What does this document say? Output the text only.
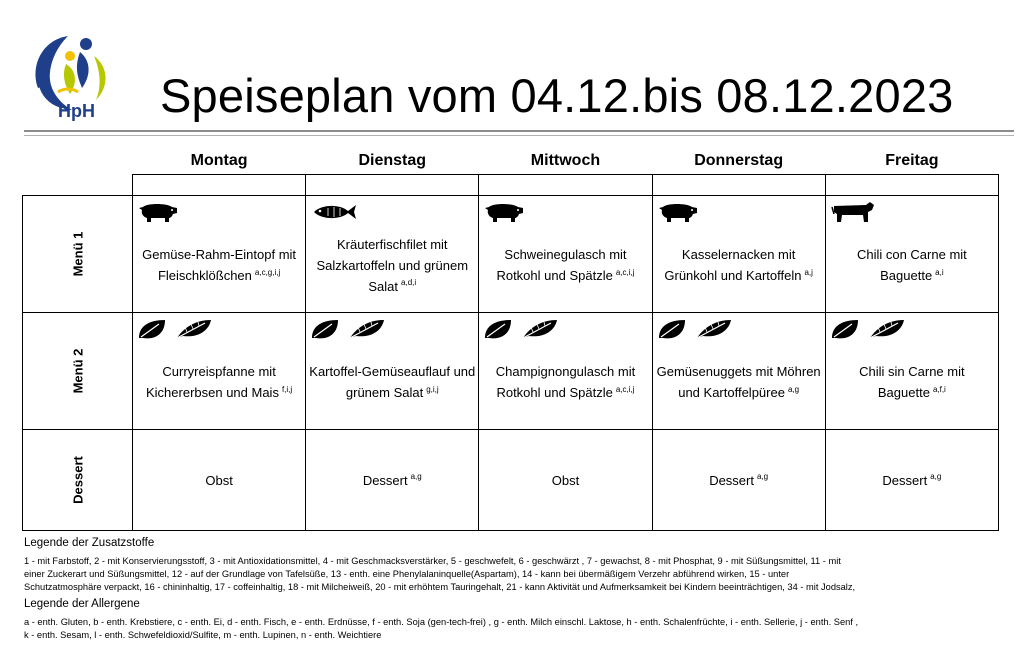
HpH Speiseplan vom 04.12.bis 08.12.2023
	Montag	Dienstag	Mittwoch	Donnerstag	Freitag

Menü 1	Gemüse-Rahm-Eintopf mit Fleischklößchen $^{a,c,g,i,j}$	Kräuterfischfilet mit Salzkartoffeln und grünem Salat $^{a,d,i}$	Schweinegulasch mit Rotkohl und Spätzle $^{a,c,i,j}$	Kasselernacken mit Grünkohl und Kartoffeln $^{a,j}$	Chili con Carne mit Baguette $^{a,i}$

Menü 2	Curryreispfanne mit Kichererbsen und Mais $^{f,i,j}$	Kartoffel-Gemüseauflauf und grünem Salat $^{g,i,j}$	Champignongulasch mit Rotkohl und Spätzle $^{a,c,i,j}$	Gemüsenuggets mit Möhren und Kartoffelpüree $^{a,g}$	Chili sin Carne mit Baguette $^{a,f,i}$

Dessert	Obst	Dessert $^{a,g}$	Obst	Dessert $^{a,g}$	Dessert $^{a,g}$
Legende der Zusatzstoffe
1 - mit Farbstoff, 2 - mit Konservierungsstoff, 3 - mit Antioxidationsmittel, 4 - mit Geschmacksverstärker, 5 - geschwefelt, 6 - geschwärzt , 7 - gewachst, 8 - mit Phosphat, 9 - mit Süßungsmittel, 11 - mit
einer Zuckerart und Süßungsmittel, 12 - auf der Grundlage von Tafelsüße, 13 - enth. eine Phenylalaninquelle(Aspartam), 14 - kann bei übermäßigem Verzehr abführend wirken, 15 - unter
Schutzatmosphäre verpackt, 16 - chininhaltig, 17 - coffeinhaltig, 18 - mit Milcheiweiß, 20 - mit erhöhtem Tauringehalt, 21 - kann Aktivität und Aufmerksamkeit bei Kindern beeinträchtigen, 34 - mit Jodsalz,
Legende der Allergene
a - enth. Gluten, b - enth. Krebstiere, c - enth. Ei, d - enth. Fisch, e - enth. Erdnüsse, f - enth. Soja (gen-tech-frei) , g - enth. Milch einschl. Laktose, h - enth. Schalenfrüchte, i - enth. Sellerie, j - enth. Senf ,
k - enth. Sesam, l - enth. Schwefeldioxid/Sulfite, m - enth. Lupinen, n - enth. Weichtiere
